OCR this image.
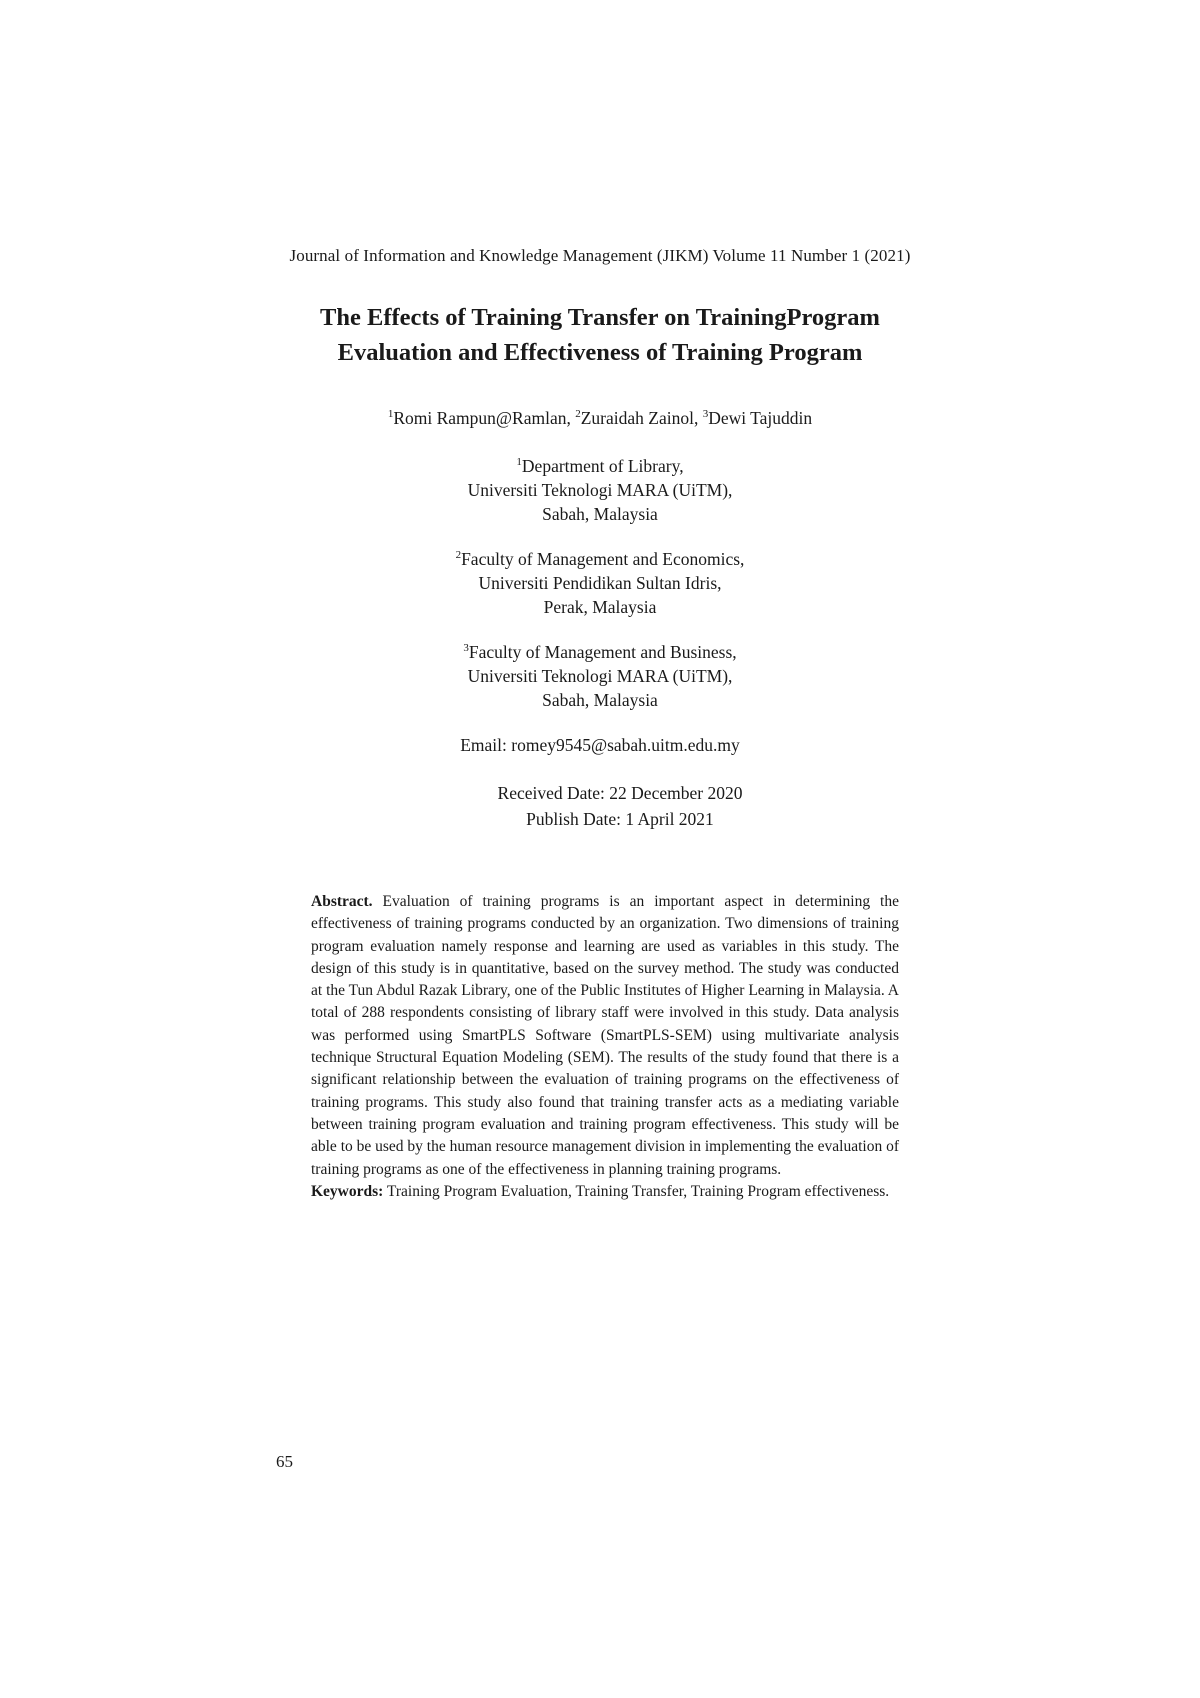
Journal of Information and Knowledge Management (JIKM) Volume 11 Number 1 (2021)
The Effects of Training Transfer on TrainingProgram
Evaluation and Effectiveness of Training Program
$^1$Romi Rampun@Ramlan, $^2$Zuraidah Zainol, $^3$Dewi Tajuddin
$^1$Department of Library,
Universiti Teknologi MARA (UiTM),
Sabah, Malaysia
$^2$Faculty of Management and Economics,
Universiti Pendidikan Sultan Idris,
Perak, Malaysia
$^3$Faculty of Management and Business,
Universiti Teknologi MARA (UiTM),
Sabah, Malaysia
Email: romey9545@sabah.uitm.edu.my
Received Date: 22 December 2020
Publish Date: 1 April 2021

Abstract. Evaluation of training programs is an important aspect in determining the effectiveness of training programs conducted by an organization. Two dimensions of training program evaluation namely response and learning are used as variables in this study. The design of this study is in quantitative, based on the survey method. The study was conducted at the Tun Abdul Razak Library, one of the Public Institutes of Higher Learning in Malaysia. A total of 288 respondents consisting of library staff were involved in this study. Data analysis was performed using SmartPLS Software (SmartPLS-SEM) using multivariate analysis technique Structural Equation Modeling (SEM). The results of the study found that there is a significant relationship between the evaluation of training programs on the effectiveness of training programs. This study also found that training transfer acts as a mediating variable between training program evaluation and training program effectiveness. This study will be able to be used by the human resource management division in implementing the evaluation of training programs as one of the effectiveness in planning training programs.

Keywords: Training Program Evaluation, Training Transfer, Training Program effectiveness.

65
